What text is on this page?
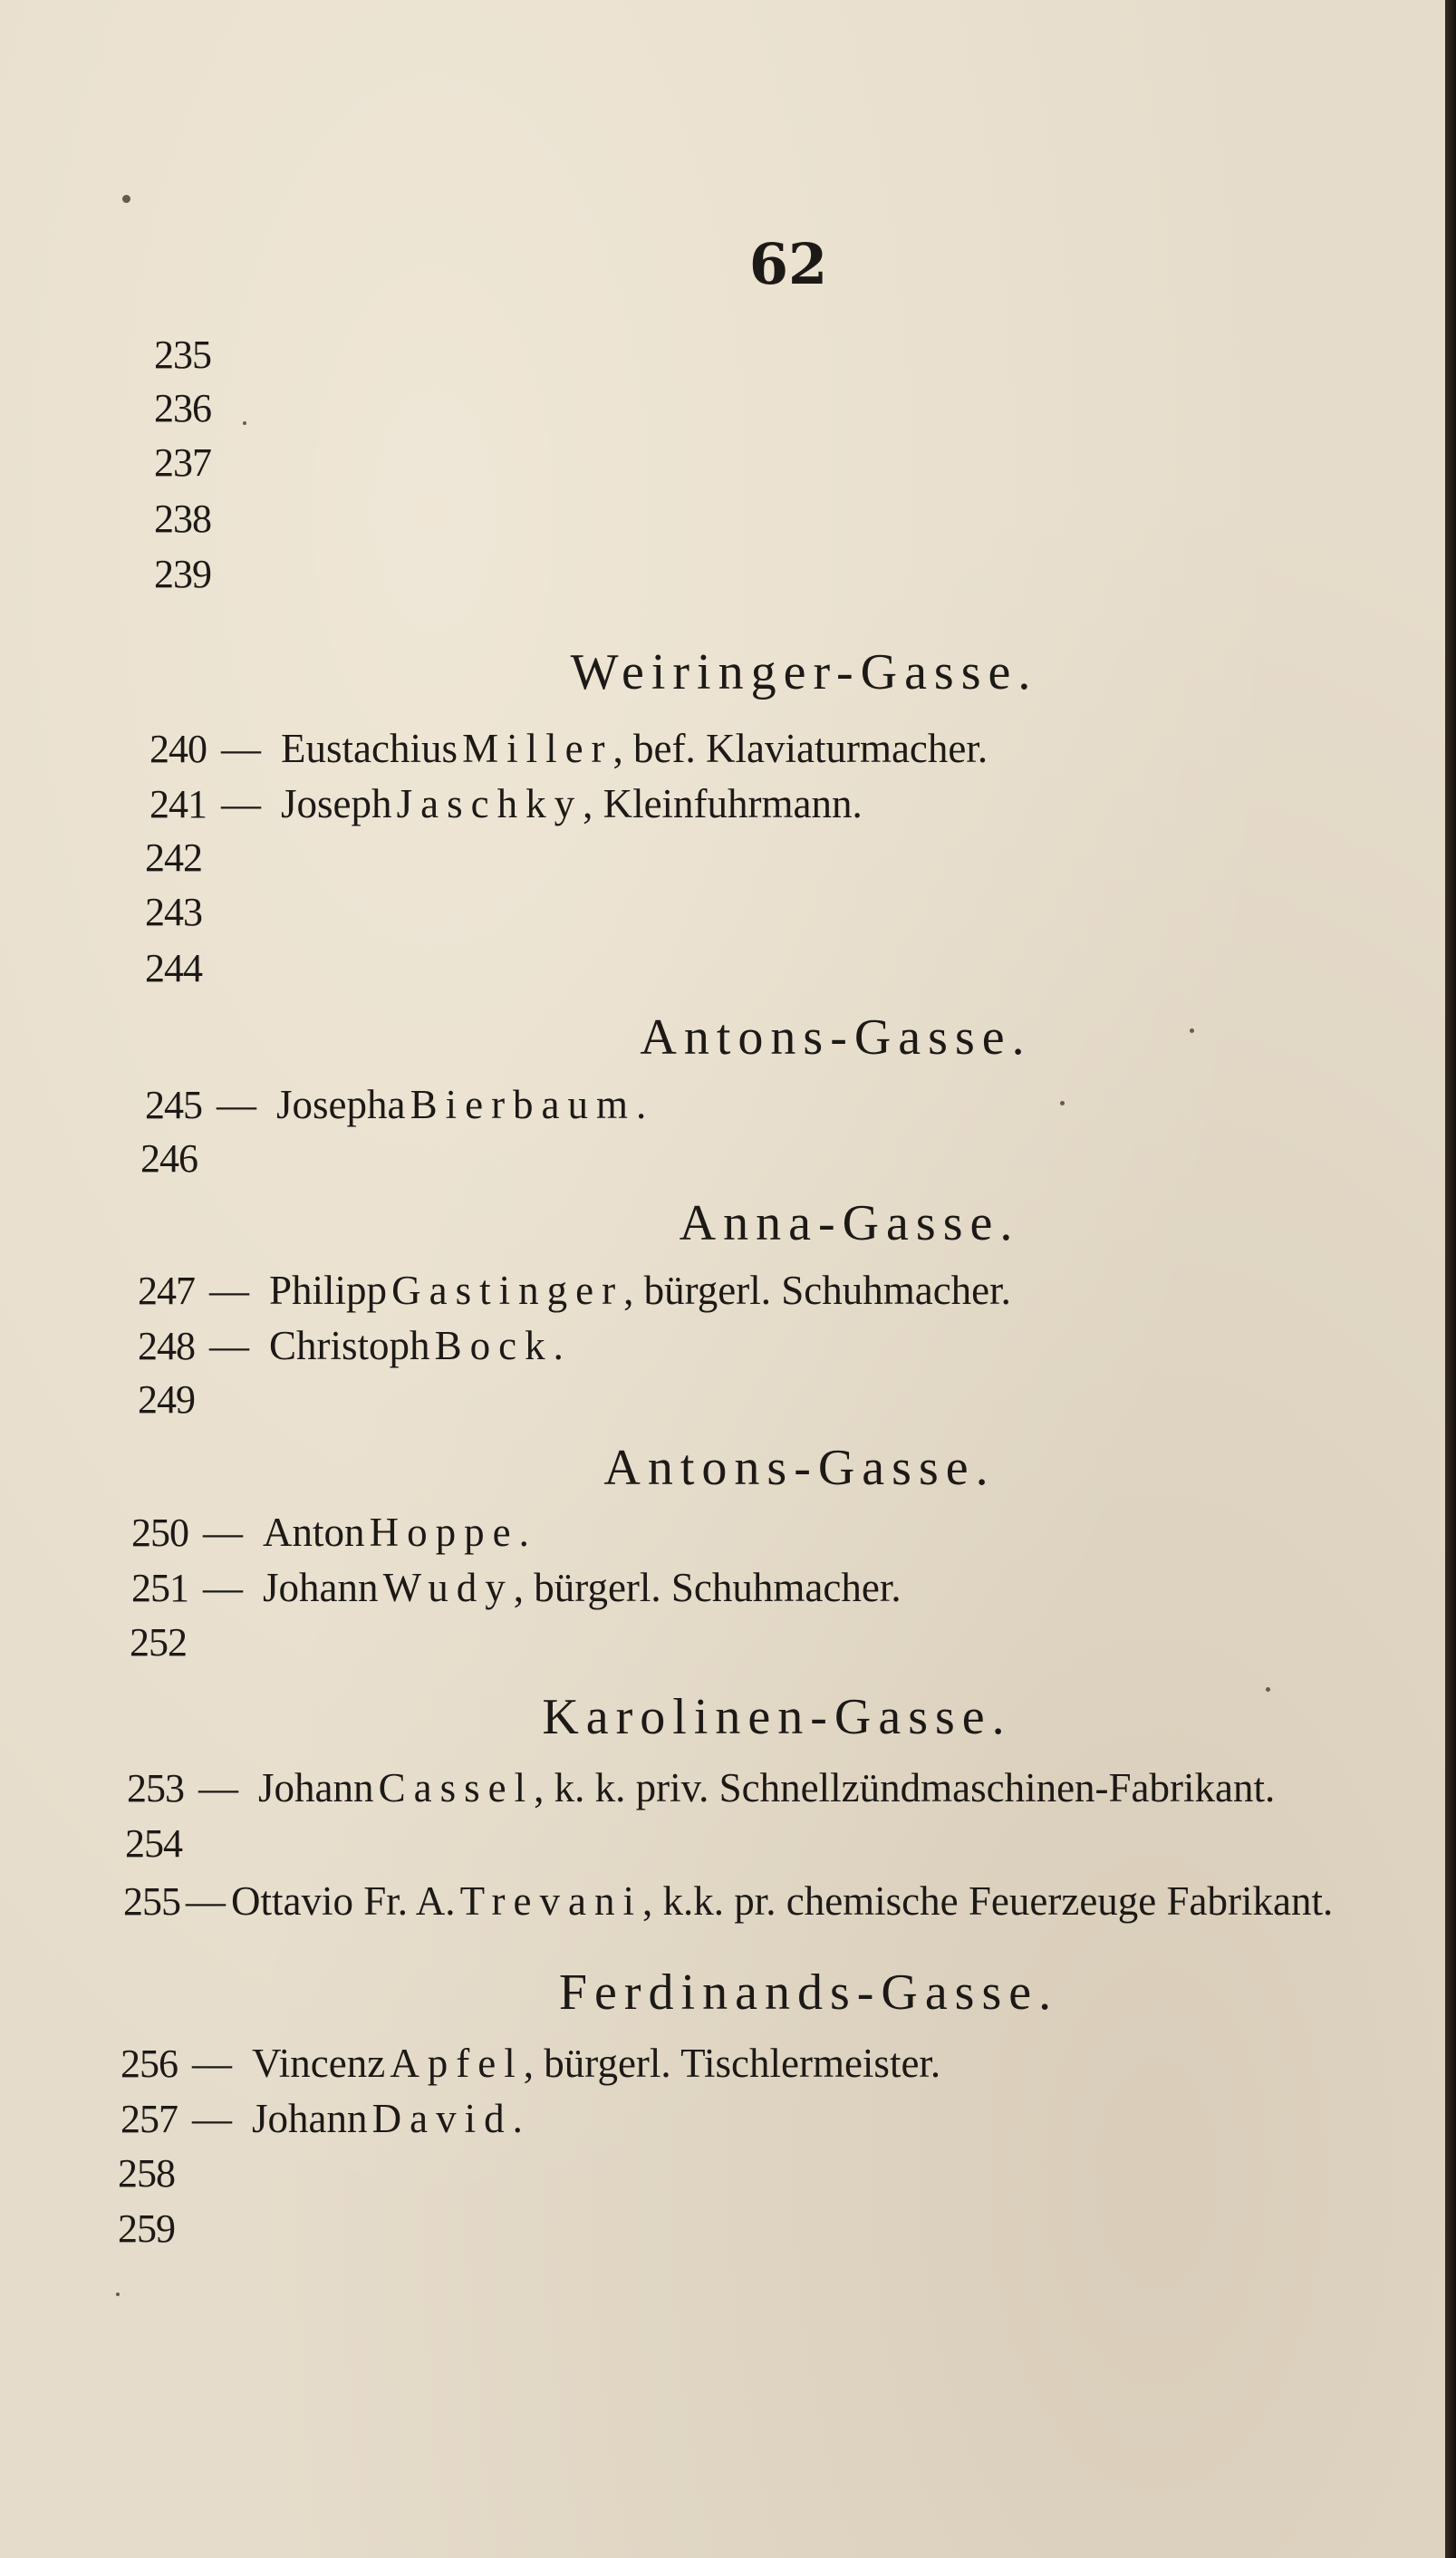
62
235
236
237
238
239
Weiringer-Gasse.
240 — Eustachius Miller, bef. Klaviaturmacher.
241 — Joseph Jaschky, Kleinfuhrmann.
242
243
244
Antons-Gasse.
245 — Josepha Bierbaum.
246
Anna-Gasse.
247 — Philipp Gastinger, bürgerl. Schuhmacher.
248 — Christoph Bock.
249
Antons-Gasse.
250 — Anton Hoppe.
251 — Johann Wudy, bürgerl. Schuhmacher.
252
Karolinen-Gasse.
253 — Johann Cassel, k. k. priv. Schnellzündmaschinen-Fabrikant.
254
255 — Ottavio Fr. A. Trevani, k.k. pr. chemische Feuerzeuge Fabrikant.
Ferdinands-Gasse.
256 — Vincenz Apfel, bürgerl. Tischlermeister.
257 — Johann David.
258
259
